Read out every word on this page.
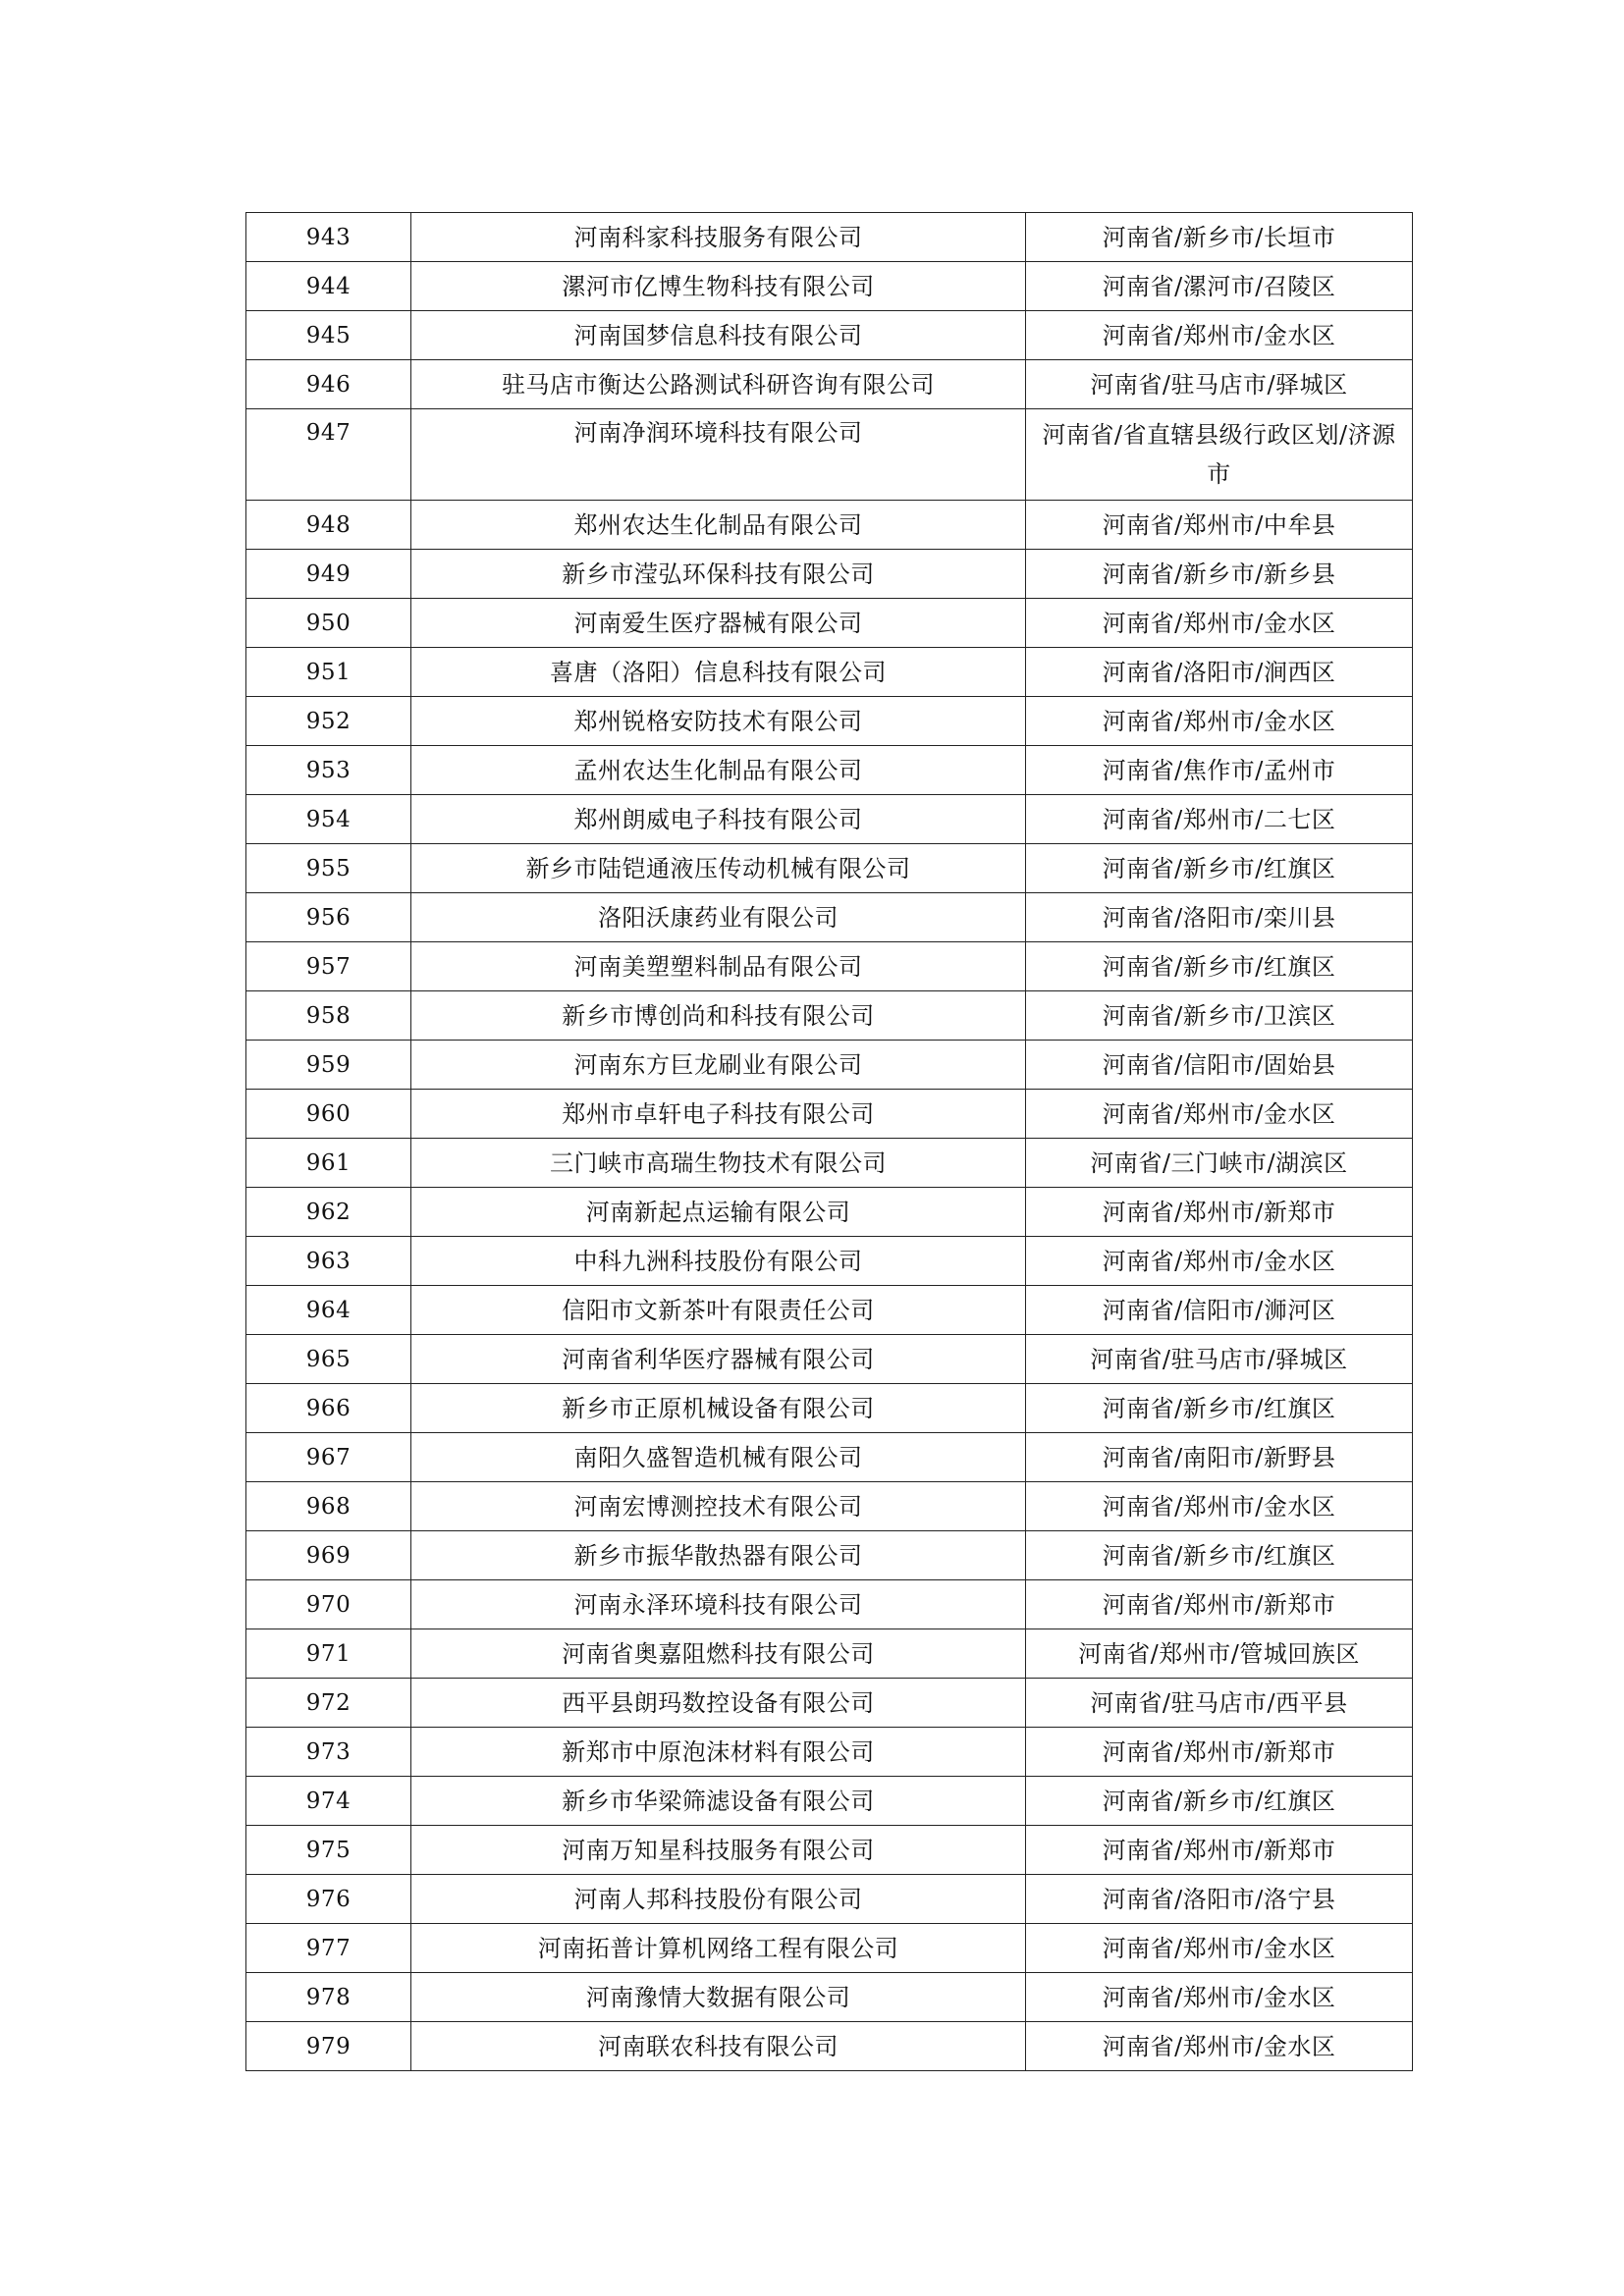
943	河南科家科技服务有限公司	河南省/新乡市/长垣市
944	漯河市亿博生物科技有限公司	河南省/漯河市/召陵区
945	河南国梦信息科技有限公司	河南省/郑州市/金水区
946	驻马店市衡达公路测试科研咨询有限公司	河南省/驻马店市/驿城区
947	河南净润环境科技有限公司	河南省/省直辖县级行政区划/济源市
948	郑州农达生化制品有限公司	河南省/郑州市/中牟县
949	新乡市滢弘环保科技有限公司	河南省/新乡市/新乡县
950	河南爱生医疗器械有限公司	河南省/郑州市/金水区
951	喜唐（洛阳）信息科技有限公司	河南省/洛阳市/涧西区
952	郑州锐格安防技术有限公司	河南省/郑州市/金水区
953	孟州农达生化制品有限公司	河南省/焦作市/孟州市
954	郑州朗威电子科技有限公司	河南省/郑州市/二七区
955	新乡市陆铠通液压传动机械有限公司	河南省/新乡市/红旗区
956	洛阳沃康药业有限公司	河南省/洛阳市/栾川县
957	河南美塑塑料制品有限公司	河南省/新乡市/红旗区
958	新乡市博创尚和科技有限公司	河南省/新乡市/卫滨区
959	河南东方巨龙刷业有限公司	河南省/信阳市/固始县
960	郑州市卓轩电子科技有限公司	河南省/郑州市/金水区
961	三门峡市高瑞生物技术有限公司	河南省/三门峡市/湖滨区
962	河南新起点运输有限公司	河南省/郑州市/新郑市
963	中科九洲科技股份有限公司	河南省/郑州市/金水区
964	信阳市文新茶叶有限责任公司	河南省/信阳市/浉河区
965	河南省利华医疗器械有限公司	河南省/驻马店市/驿城区
966	新乡市正原机械设备有限公司	河南省/新乡市/红旗区
967	南阳久盛智造机械有限公司	河南省/南阳市/新野县
968	河南宏博测控技术有限公司	河南省/郑州市/金水区
969	新乡市振华散热器有限公司	河南省/新乡市/红旗区
970	河南永泽环境科技有限公司	河南省/郑州市/新郑市
971	河南省奥嘉阻燃科技有限公司	河南省/郑州市/管城回族区
972	西平县朗玛数控设备有限公司	河南省/驻马店市/西平县
973	新郑市中原泡沫材料有限公司	河南省/郑州市/新郑市
974	新乡市华梁筛滤设备有限公司	河南省/新乡市/红旗区
975	河南万知星科技服务有限公司	河南省/郑州市/新郑市
976	河南人邦科技股份有限公司	河南省/洛阳市/洛宁县
977	河南拓普计算机网络工程有限公司	河南省/郑州市/金水区
978	河南豫情大数据有限公司	河南省/郑州市/金水区
979	河南联农科技有限公司	河南省/郑州市/金水区
